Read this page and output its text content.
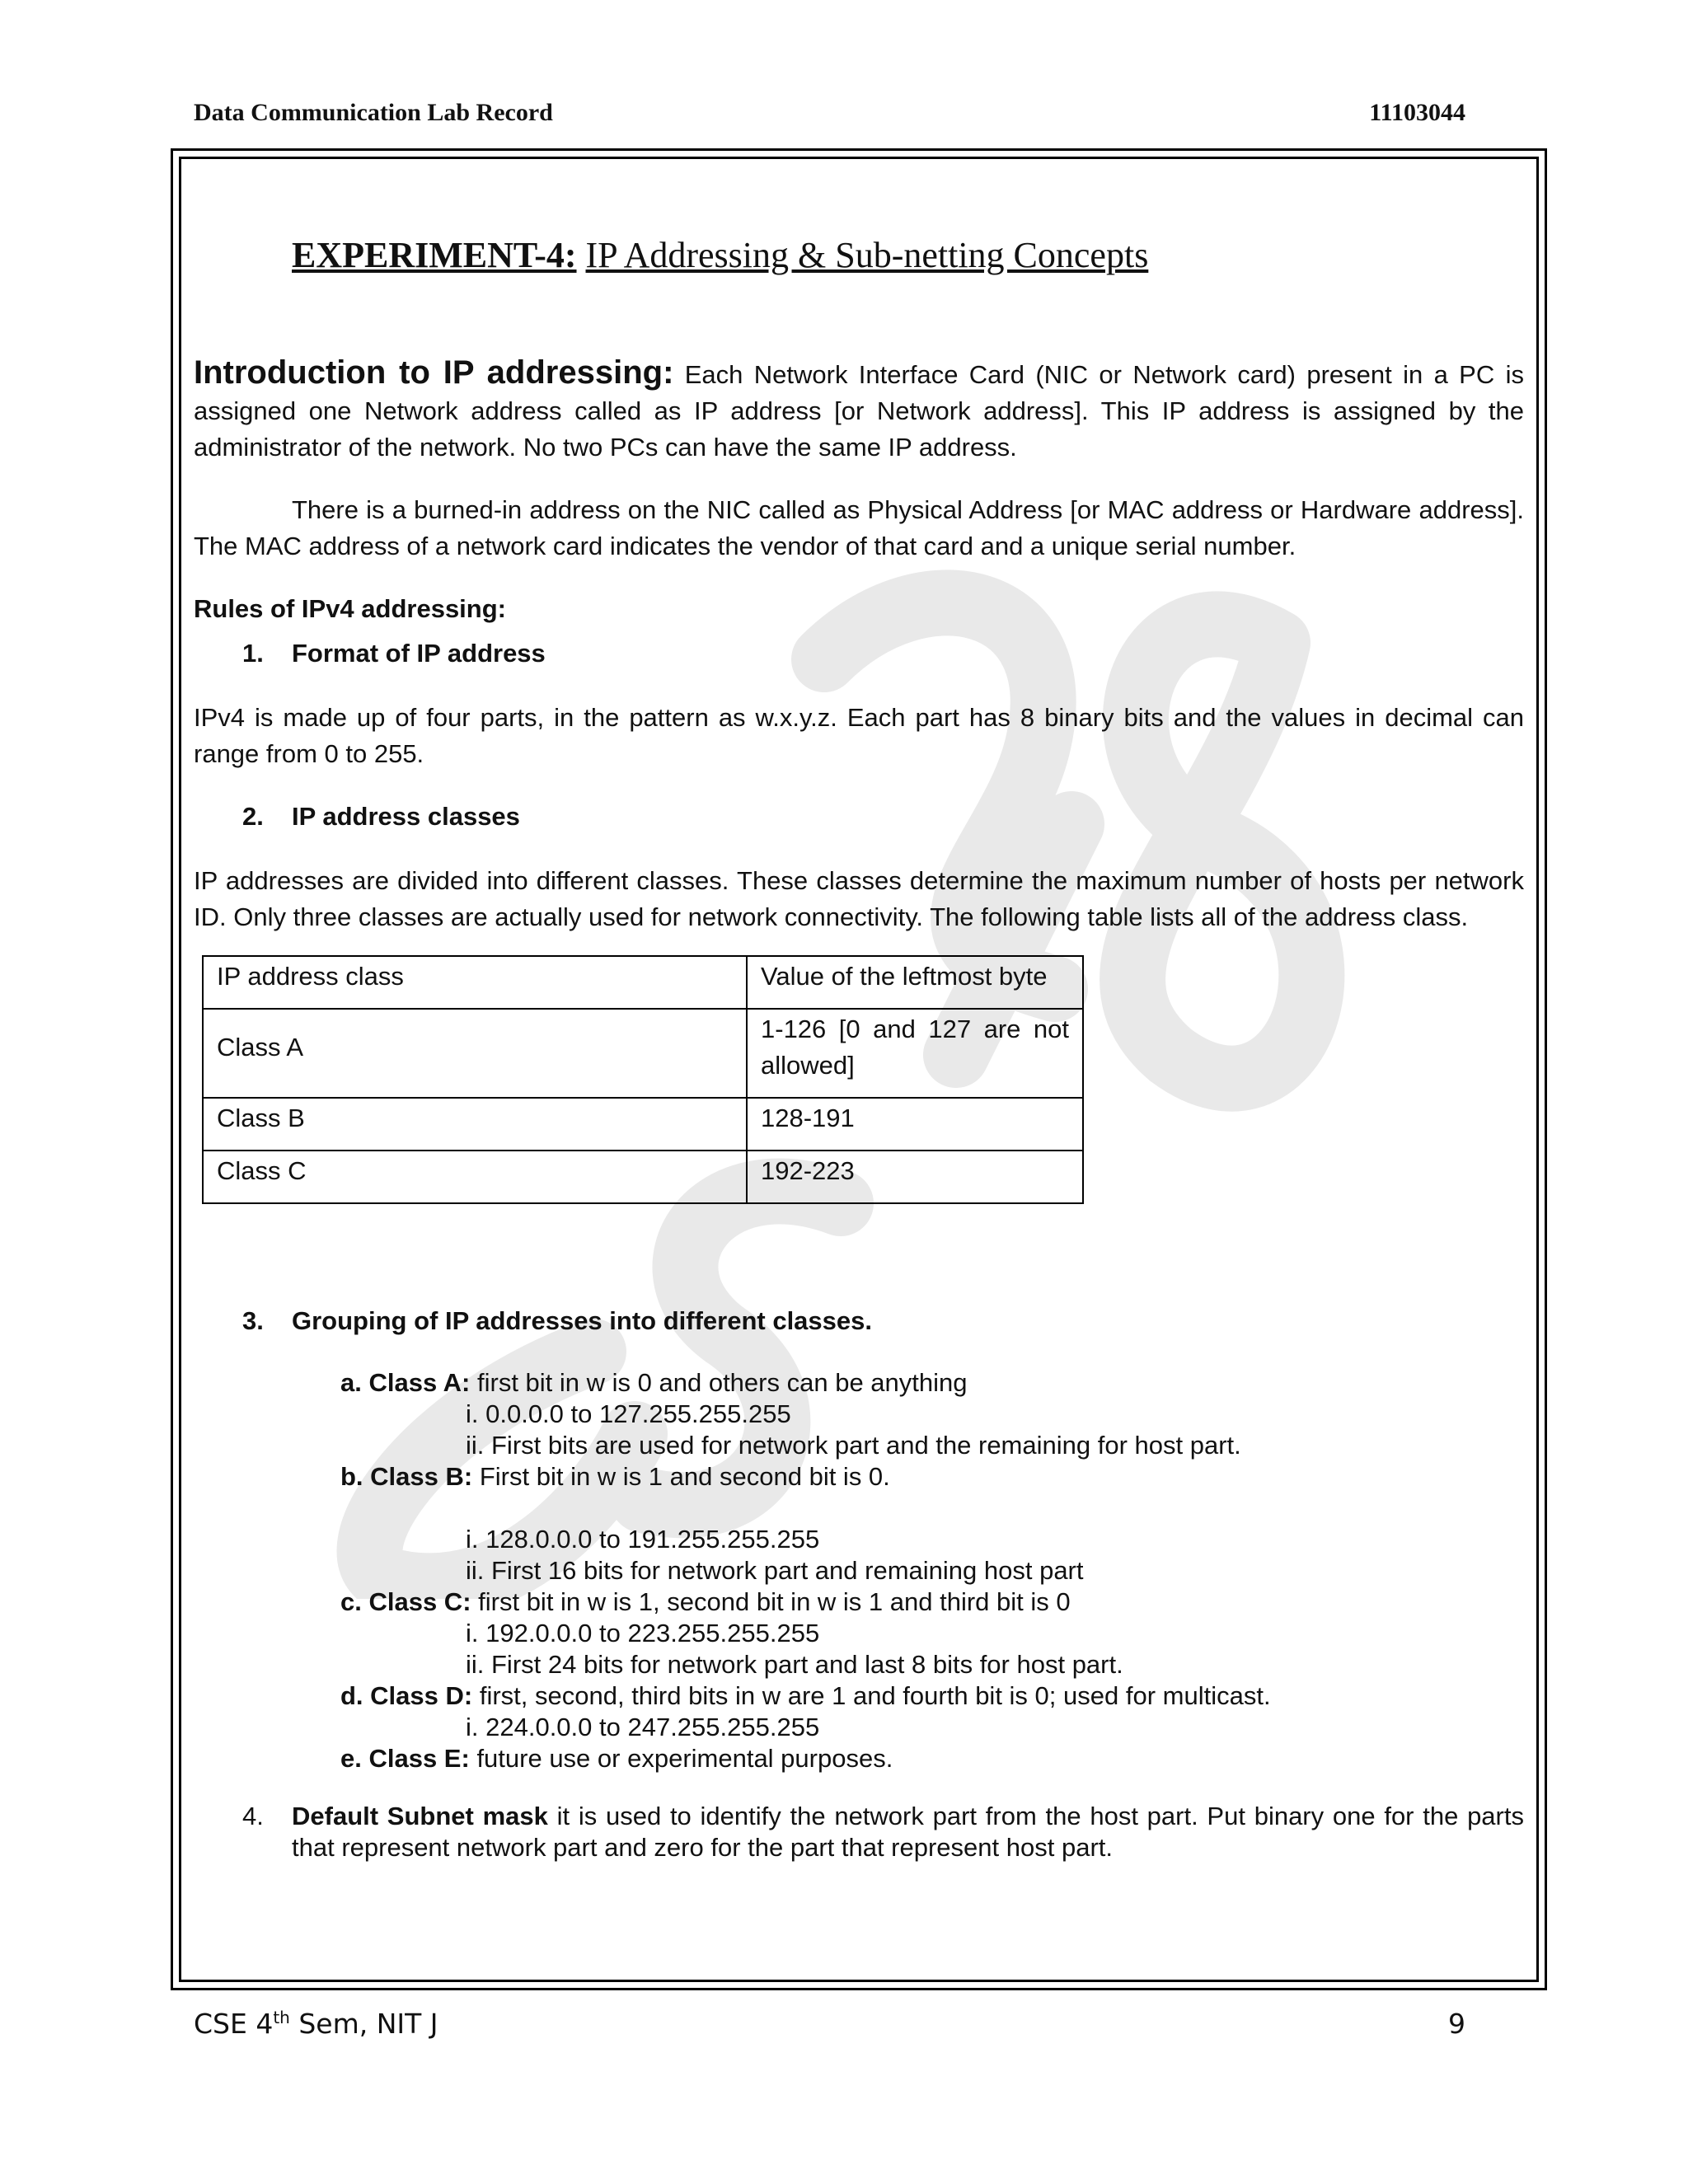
Data Communication Lab Record	11103044
EXPERIMENT-4: IP Addressing & Sub-netting Concepts

Introduction to IP addressing: Each Network Interface Card (NIC or Network card) present in a PC is assigned one Network address called as IP address [or Network address]. This IP address is assigned by the administrator of the network. No two PCs can have the same IP address.

There is a burned-in address on the NIC called as Physical Address [or MAC address or Hardware address]. The MAC address of a network card indicates the vendor of that card and a unique serial number.

Rules of IPv4 addressing:

1. Format of IP address

IPv4 is made up of four parts, in the pattern as w.x.y.z. Each part has 8 binary bits and the values in decimal can range from 0 to 255.

2. IP address classes

IP addresses are divided into different classes. These classes determine the maximum number of hosts per network ID. Only three classes are actually used for network connectivity. The following table lists all of the address class.

IP address class	Value of the leftmost byte
Class A	1-126 [0 and 127 are not allowed]
Class B	128-191
Class C	192-223
3. Grouping of IP addresses into different classes.
a. Class A: first bit in w is 0 and others can be anything
i. 0.0.0.0 to 127.255.255.255
ii. First bits are used for network part and the remaining for host part.
b. Class B: First bit in w is 1 and second bit is 0.
i. 128.0.0.0 to 191.255.255.255
ii. First 16 bits for network part and remaining host part
c. Class C: first bit in w is 1, second bit in w is 1 and third bit is 0
i. 192.0.0.0 to 223.255.255.255
ii. First 24 bits for network part and last 8 bits for host part.
d. Class D: first, second, third bits in w are 1 and fourth bit is 0; used for multicast.
i. 224.0.0.0 to 247.255.255.255
e. Class E: future use or experimental purposes.

4. Default Subnet mask it is used to identify the network part from the host part. Put binary one for the parts that represent network part and zero for the part that represent host part.

CSE 4th Sem, NIT J	9
